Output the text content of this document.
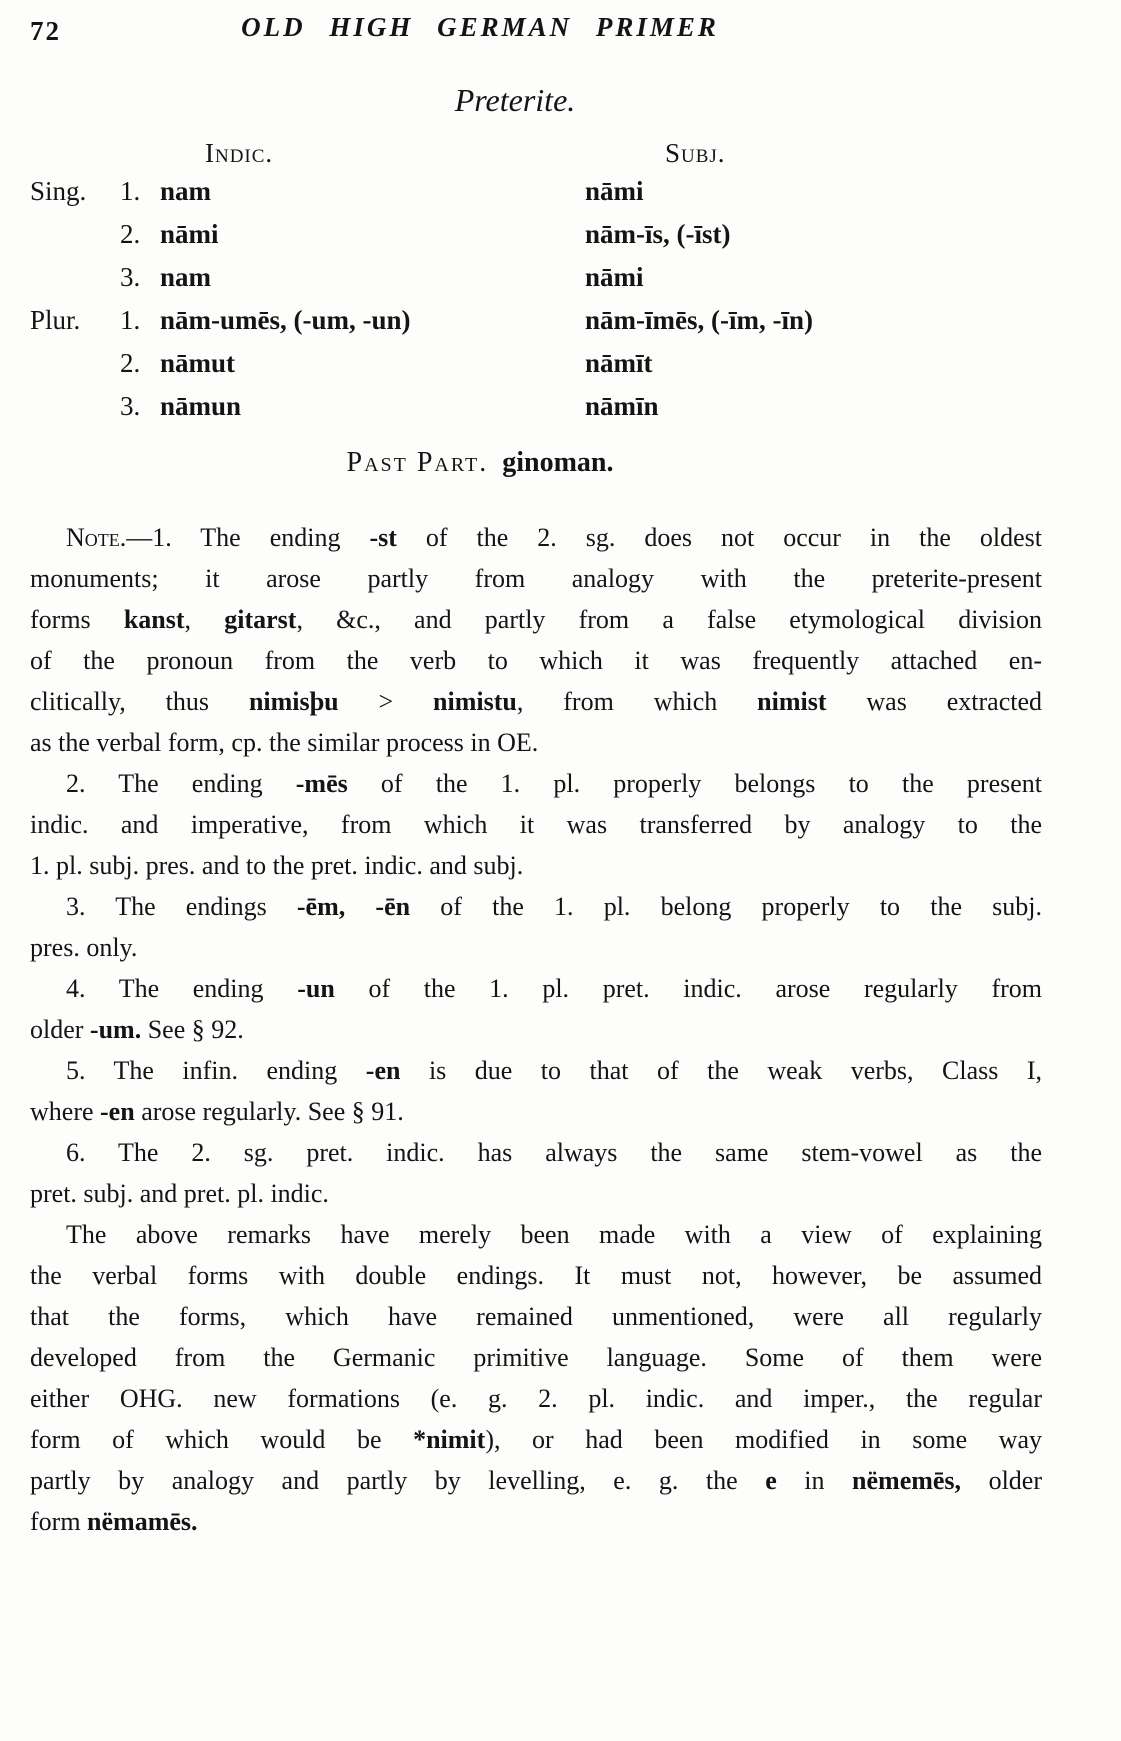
72	OLD HIGH GERMAN PRIMER
Preterite.
Indic.	Subj.
Sing. 1. nam	nāmi
2. nāmi	nām-īs, (-īst)
3. nam	nāmi
Plur. 1. nām-umēs, (-um, -un)	nām-īmēs, (-īm, -īn)
2. nāmut	nāmīt
3. nāmun	nāmīn
Past Part. ginoman.
Note.—1. The ending -st of the 2. sg. does not occur in the oldest
monuments; it arose partly from analogy with the preterite-present
forms kanst, gitarst, &c., and partly from a false etymological division
of the pronoun from the verb to which it was frequently attached en-
clitically, thus nimisþu > nimistu, from which nimist was extracted
as the verbal form, cp. the similar process in OE.
2. The ending -mēs of the 1. pl. properly belongs to the present
indic. and imperative, from which it was transferred by analogy to the
1. pl. subj. pres. and to the pret. indic. and subj.
3. The endings -ēm, -ēn of the 1. pl. belong properly to the subj.
pres. only.
4. The ending -un of the 1. pl. pret. indic. arose regularly from
older -um. See § 92.
5. The infin. ending -en is due to that of the weak verbs, Class I,
where -en arose regularly. See § 91.
6. The 2. sg. pret. indic. has always the same stem-vowel as the
pret. subj. and pret. pl. indic.
The above remarks have merely been made with a view of explaining
the verbal forms with double endings. It must not, however, be assumed
that the forms, which have remained unmentioned, were all regularly
developed from the Germanic primitive language. Some of them were
either OHG. new formations (e. g. 2. pl. indic. and imper., the regular
form of which would be *nimit), or had been modified in some way
partly by analogy and partly by levelling, e. g. the e in nëmemēs, older
form nëmamēs.
